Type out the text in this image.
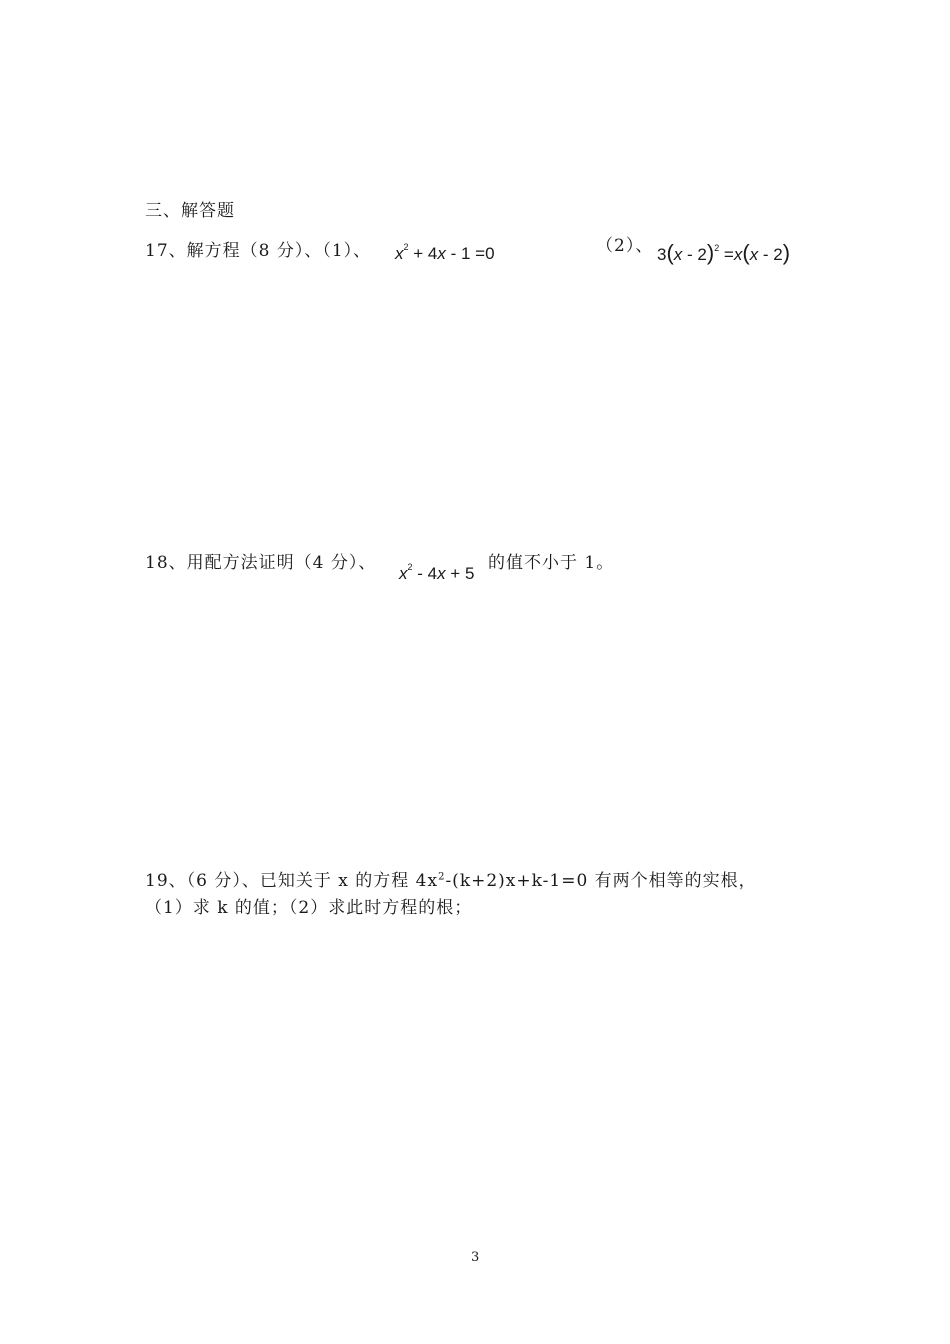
三、解答题
17、解方程（8 分）、（1）、 $x^2 + 4x - 1 =0$	（2）、 3(x - 2)$^2$ =x(x - 2)
18、用配方法证明（4 分）、
$x^2 - 4x + 5$
的值不小于 1。
19、（6 分）、已知关于 x 的方程 $4x^2-(k+2)x+k-1=0$ 有两个相等的实根，
（1）求 k 的值；（2）求此时方程的根；
3
